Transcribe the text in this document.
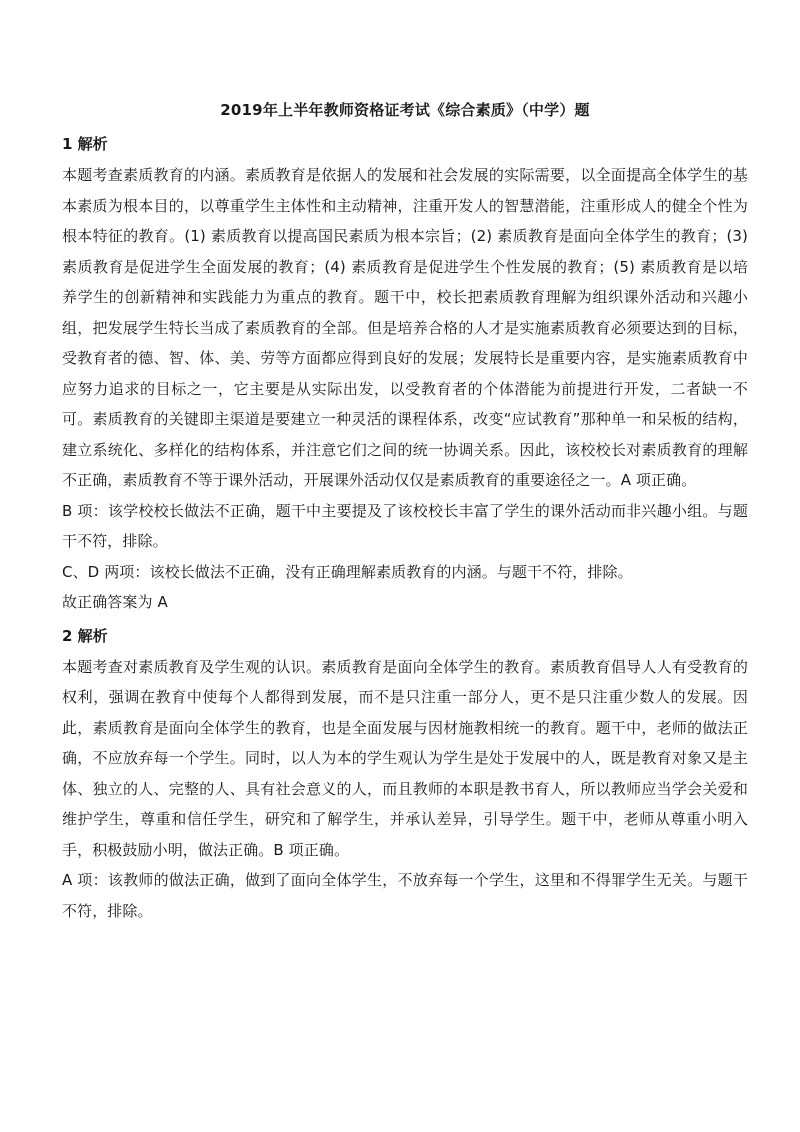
2019年上半年教师资格证考试《综合素质》（中学）题
1 解析

本题考查素质教育的内涵。素质教育是依据人的发展和社会发展的实际需要，以全面提高全体学生的基本素质为根本目的，以尊重学生主体性和主动精神，注重开发人的智慧潜能，注重形成人的健全个性为根本特征的教育。(1) 素质教育以提高国民素质为根本宗旨；(2) 素质教育是面向全体学生的教育；(3) 素质教育是促进学生全面发展的教育；(4) 素质教育是促进学生个性发展的教育；(5) 素质教育是以培养学生的创新精神和实践能力为重点的教育。题干中，校长把素质教育理解为组织课外活动和兴趣小组，把发展学生特长当成了素质教育的全部。但是培养合格的人才是实施素质教育必须要达到的目标，受教育者的德、智、体、美、劳等方面都应得到良好的发展；发展特长是重要内容，是实施素质教育中应努力追求的目标之一，它主要是从实际出发，以受教育者的个体潜能为前提进行开发，二者缺一不可。素质教育的关键即主渠道是要建立一种灵活的课程体系，改变“应试教育”那种单一和呆板的结构，建立系统化、多样化的结构体系，并注意它们之间的统一协调关系。因此，该校校长对素质教育的理解不正确，素质教育不等于课外活动，开展课外活动仅仅是素质教育的重要途径之一。A 项正确。

B 项：该学校校长做法不正确，题干中主要提及了该校校长丰富了学生的课外活动而非兴趣小组。与题干不符，排除。

C、D 两项：该校长做法不正确，没有正确理解素质教育的内涵。与题干不符，排除。

故正确答案为 A

2 解析

本题考查对素质教育及学生观的认识。素质教育是面向全体学生的教育。素质教育倡导人人有受教育的权利，强调在教育中使每个人都得到发展，而不是只注重一部分人，更不是只注重少数人的发展。因此，素质教育是面向全体学生的教育，也是全面发展与因材施教相统一的教育。题干中，老师的做法正确，不应放弃每一个学生。同时，以人为本的学生观认为学生是处于发展中的人，既是教育对象又是主体、独立的人、完整的人、具有社会意义的人，而且教师的本职是教书育人，所以教师应当学会关爱和维护学生，尊重和信任学生，研究和了解学生，并承认差异，引导学生。题干中，老师从尊重小明入手，积极鼓励小明，做法正确。B 项正确。

A 项：该教师的做法正确，做到了面向全体学生，不放弃每一个学生，这里和不得罪学生无关。与题干不符，排除。
